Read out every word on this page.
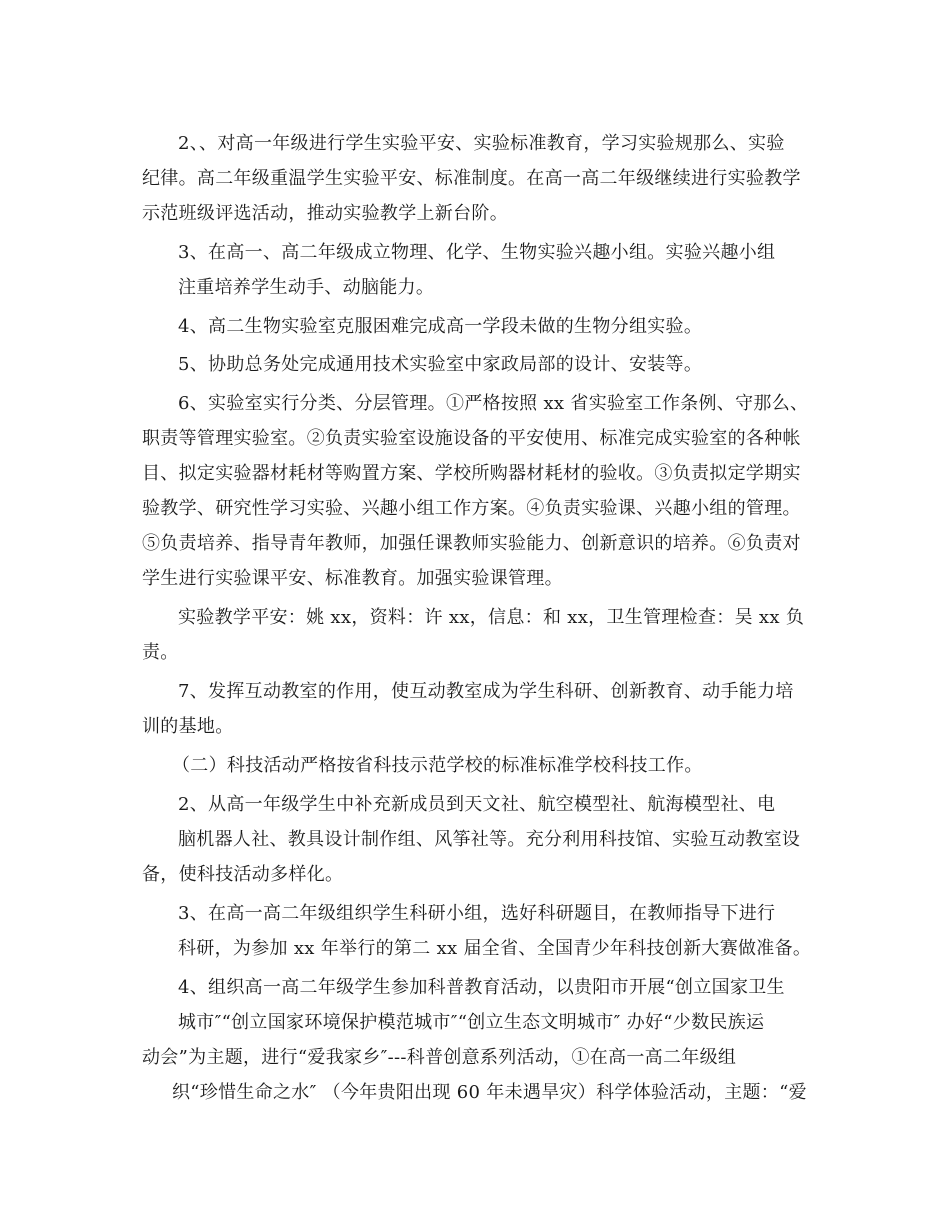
2、、对高一年级进行学生实验平安、实验标准教育，学习实验规那么、实验
纪律。高二年级重温学生实验平安、标准制度。在高一高二年级继续进行实验教学
示范班级评选活动，推动实验教学上新台阶。
3、在高一、高二年级成立物理、化学、生物实验兴趣小组。实验兴趣小组
注重培养学生动手、动脑能力。
4、高二生物实验室克服困难完成高一学段未做的生物分组实验。
5、协助总务处完成通用技术实验室中家政局部的设计、安装等。
6、实验室实行分类、分层管理。①严格按照 xx 省实验室工作条例、守那么、
职责等管理实验室。②负责实验室设施设备的平安使用、标准完成实验室的各种帐
目、拟定实验器材耗材等购置方案、学校所购器材耗材的验收。③负责拟定学期实
验教学、研究性学习实验、兴趣小组工作方案。④负责实验课、兴趣小组的管理。
⑤负责培养、指导青年教师，加强任课教师实验能力、创新意识的培养。⑥负责对
学生进行实验课平安、标准教育。加强实验课管理。
实验教学平安：姚 xx，资料：许 xx，信息：和 xx，卫生管理检查：吴 xx 负
责。
7、发挥互动教室的作用，使互动教室成为学生科研、创新教育、动手能力培
训的基地。
（二）科技活动严格按省科技示范学校的标准标准学校科技工作。
2、从高一年级学生中补充新成员到天文社、航空模型社、航海模型社、电
脑机器人社、教具设计制作组、风筝社等。充分利用科技馆、实验互动教室设
备，使科技活动多样化。
3、在高一高二年级组织学生科研小组，选好科研题目，在教师指导下进行
科研，为参加 xx 年举行的第二 xx 届全省、全国青少年科技创新大赛做准备。
4、组织高一高二年级学生参加科普教育活动，以贵阳市开展“创立国家卫生
城市″“创立国家环境保护模范城市″“创立生态文明城市″ 办好“少数民族运
动会”为主题，进行“爱我家乡″---科普创意系列活动，①在高一高二年级组
织“珍惜生命之水″ （今年贵阳出现 60 年未遇旱灾）科学体验活动，主题：“爱
